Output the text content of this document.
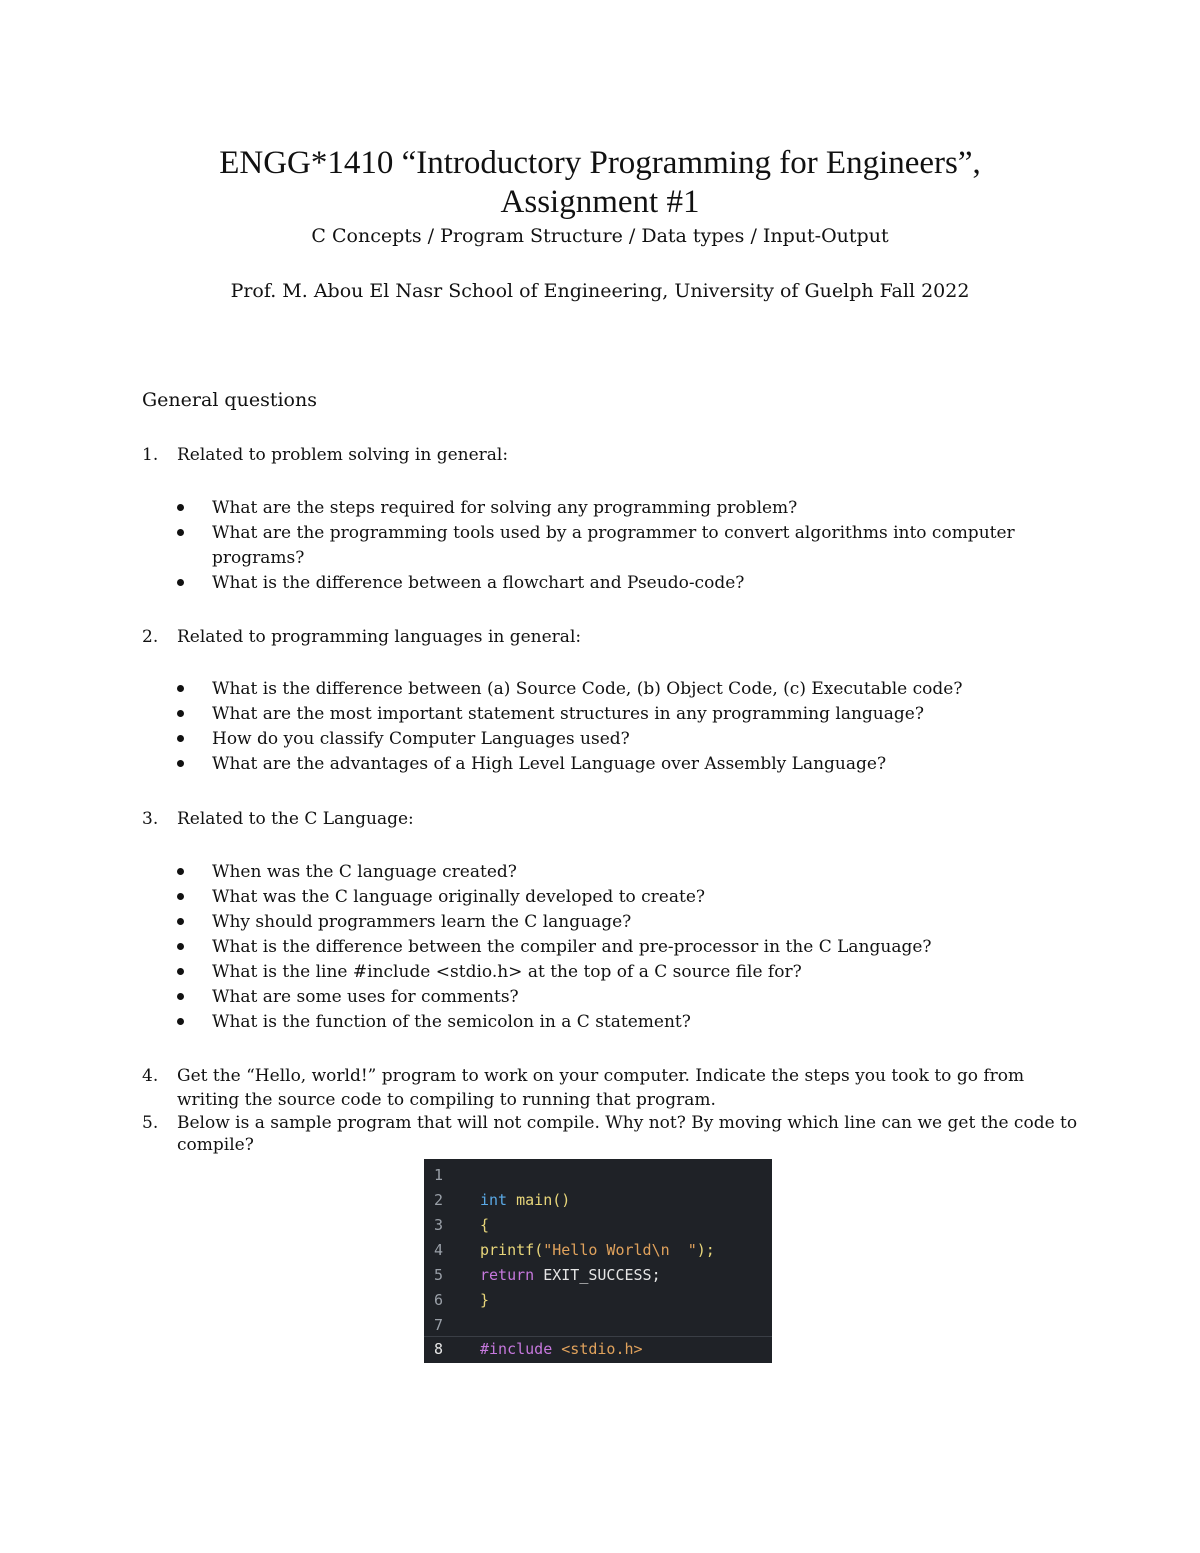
ENGG*1410 “Introductory Programming for Engineers”,
Assignment #1
C Concepts / Program Structure / Data types / Input-Output
Prof. M. Abou El Nasr School of Engineering, University of Guelph Fall 2022
General questions
1.	Related to problem solving in general:
What are the steps required for solving any programming problem?
What are the programming tools used by a programmer to convert algorithms into computer programs?
What is the difference between a flowchart and Pseudo-code?
2.	Related to programming languages in general:
What is the difference between (a) Source Code, (b) Object Code, (c) Executable code?
What are the most important statement structures in any programming language?
How do you classify Computer Languages used?
What are the advantages of a High Level Language over Assembly Language?
3.	Related to the C Language:
When was the C language created?
What was the C language originally developed to create?
Why should programmers learn the C language?
What is the difference between the compiler and pre-processor in the C Language?
What is the line #include <stdio.h> at the top of a C source file for?
What are some uses for comments?
What is the function of the semicolon in a C statement?
4.	Get the “Hello, world!” program to work on your computer. Indicate the steps you took to go from writing the source code to compiling to running that program.
5.	Below is a sample program that will not compile. Why not? By moving which line can we get the code to compile?
1
2	int main()
3	{
4	printf("Hello World\n  ");
5	return EXIT_SUCCESS;
6	}
7
8	#include <stdio.h>
